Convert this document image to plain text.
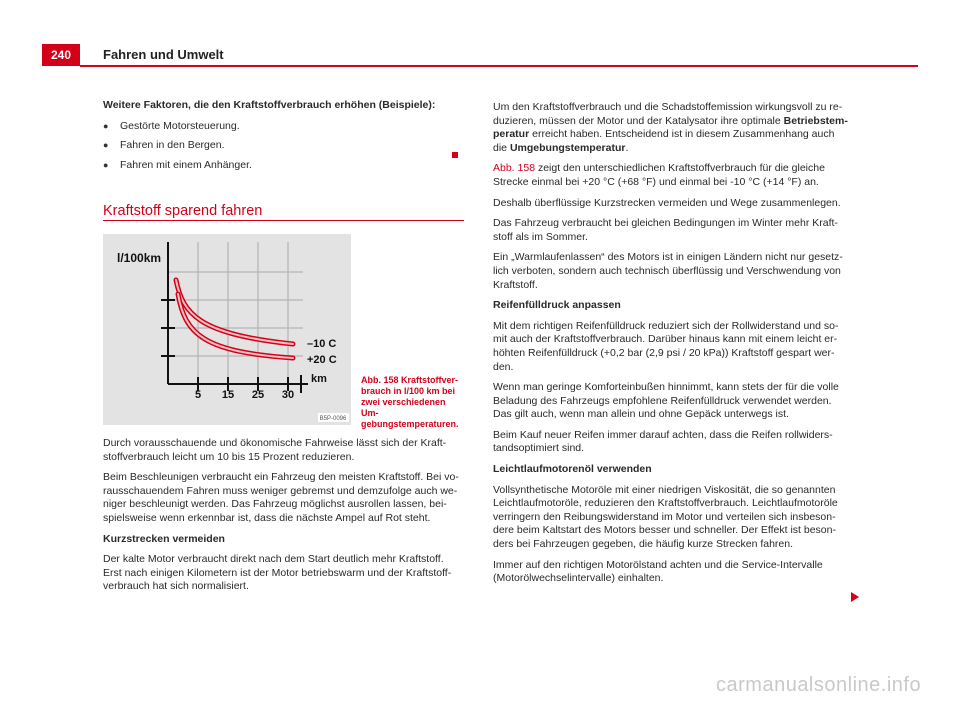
240	Fahren und Umwelt

Weitere Faktoren, die den Kraftstoffverbrauch erhöhen (Beispiele):

● Gestörte Motorsteuerung.
● Fahren in den Bergen.
● Fahren mit einem Anhänger.
Kraftstoff sparend fahren
l/100km
–10 C
+20 C
km
5 15 25 30
B5P-0096
Abb. 158 Kraftstoffver-brauch in l/100 km bei zwei verschiedenen Um-gebungstemperaturen.

Durch vorausschauende und ökonomische Fahrweise lässt sich der Kraft-stoffverbrauch leicht um 10 bis 15 Prozent reduzieren.

Beim Beschleunigen verbraucht ein Fahrzeug den meisten Kraftstoff. Bei vo-rausschauendem Fahren muss weniger gebremst und demzufolge auch we-niger beschleunigt werden. Das Fahrzeug möglichst ausrollen lassen, bei-spielsweise wenn erkennbar ist, dass die nächste Ampel auf Rot steht.

Kurzstrecken vermeiden

Der kalte Motor verbraucht direkt nach dem Start deutlich mehr Kraftstoff. Erst nach einigen Kilometern ist der Motor betriebswarm und der Kraftstoff-verbrauch hat sich normalisiert.

Um den Kraftstoffverbrauch und die Schadstoffemission wirkungsvoll zu re-duzieren, müssen der Motor und der Katalysator ihre optimale Betriebstem-peratur erreicht haben. Entscheidend ist in diesem Zusammenhang auch die Umgebungstemperatur.

Abb. 158 zeigt den unterschiedlichen Kraftstoffverbrauch für die gleiche Strecke einmal bei +20 °C (+68 °F) und einmal bei -10 °C (+14 °F) an.

Deshalb überflüssige Kurzstrecken vermeiden und Wege zusammenlegen.

Das Fahrzeug verbraucht bei gleichen Bedingungen im Winter mehr Kraft-stoff als im Sommer.

Ein „Warmlaufenlassen“ des Motors ist in einigen Ländern nicht nur gesetz-lich verboten, sondern auch technisch überflüssig und Verschwendung von Kraftstoff.

Reifenfülldruck anpassen

Mit dem richtigen Reifenfülldruck reduziert sich der Rollwiderstand und so-mit auch der Kraftstoffverbrauch. Darüber hinaus kann mit einem leicht er-höhten Reifenfülldruck (+0,2 bar (2,9 psi / 20 kPa)) Kraftstoff gespart wer-den.

Wenn man geringe Komforteinbußen hinnimmt, kann stets der für die volle Beladung des Fahrzeugs empfohlene Reifenfülldruck verwendet werden. Das gilt auch, wenn man allein und ohne Gepäck unterwegs ist.

Beim Kauf neuer Reifen immer darauf achten, dass die Reifen rollwiders-tandsoptimiert sind.

Leichtlaufmotorenöl verwenden

Vollsynthetische Motoröle mit einer niedrigen Viskosität, die so genannten Leichtlaufmotoröle, reduzieren den Kraftstoffverbrauch. Leichtlaufmotoröle verringern den Reibungswiderstand im Motor und verteilen sich insbeson-dere beim Kaltstart des Motors besser und schneller. Der Effekt ist beson-ders bei Fahrzeugen gegeben, die häufig kurze Strecken fahren.

Immer auf den richtigen Motorölstand achten und die Service-Intervalle (Motorölwechselintervalle) einhalten.

carmanualsonline.info
